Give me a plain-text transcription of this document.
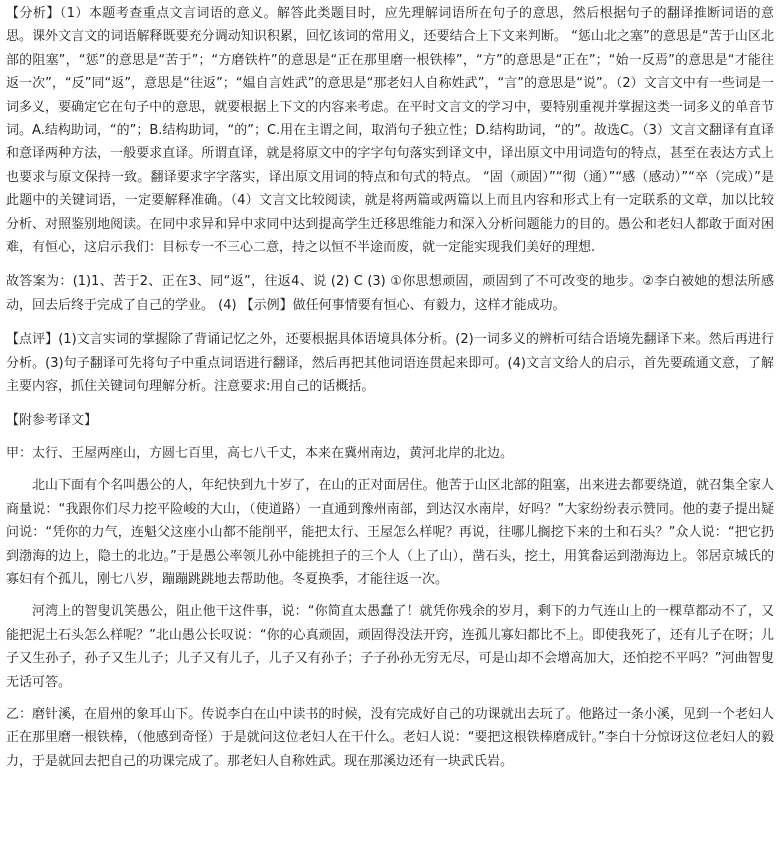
【分析】（1）本题考查重点文言词语的意义。解答此类题目时，应先理解词语所在句子的意思，然后根据句子的翻译推断词语的意思。课外文言文的词语解释既要充分调动知识积累，回忆该词的常用义，还要结合上下文来判断。 “惩山北之塞”的意思是“苦于山区北部的阻塞”，“惩”的意思是“苦于”；“方磨铁杵”的意思是“正在那里磨一根铁棒”，“方”的意思是“正在”；“始一反焉”的意思是“才能往返一次”，“反”同“返”，意思是“往返”；“媪自言姓武”的意思是“那老妇人自称姓武”，“言”的意思是“说”。（2）文言文中有一些词是一词多义，要确定它在句子中的意思，就要根据上下文的内容来考虑。在平时文言文的学习中，要特别重视并掌握这类一词多义的单音节词。A.结构助词，“的”；B.结构助词，“的”；C.用在主谓之间，取消句子独立性；D.结构助词，“的”。故选C。（3）文言文翻译有直译和意译两种方法，一般要求直译。所谓直译，就是将原文中的字字句句落实到译文中，译出原文中用词造句的特点，甚至在表达方式上也要求与原文保持一致。翻译要求字字落实，译出原文用词的特点和句式的特点。 “固（顽固）”“彻（通）”“感（感动）”“卒（完成）”是此题中的关键词语，一定要解释准确。（4）文言文比较阅读，就是将两篇或两篇以上而且内容和形式上有一定联系的文章，加以比较分析、对照鉴别地阅读。在同中求异和异中求同中达到提高学生迁移思维能力和深入分析问题能力的目的。愚公和老妇人都敢于面对困难，有恒心，这启示我们：目标专一不三心二意，持之以恒不半途而废，就一定能实现我们美好的理想.

故答案为：(1)1、苦于2、正在3、同“返”，往返4、说 (2) C (3) ①你思想顽固，顽固到了不可改变的地步。②李白被她的想法所感动，回去后终于完成了自己的学业。 (4) 【示例】做任何事情要有恒心、有毅力，这样才能成功。

【点评】(1)文言实词的掌握除了背诵记忆之外，还要根据具体语境具体分析。(2)一词多义的辨析可结合语境先翻译下来。然后再进行分析。(3)句子翻译可先将句子中重点词语进行翻译，然后再把其他词语连贯起来即可。(4)文言文给人的启示，首先要疏通文意，了解主要内容，抓住关键词句理解分析。注意要求:用自己的话概括。

【附参考译文】

甲：太行、王屋两座山，方圆七百里，高七八千丈，本来在冀州南边，黄河北岸的北边。

北山下面有个名叫愚公的人，年纪快到九十岁了，在山的正对面居住。他苦于山区北部的阻塞，出来进去都要绕道，就召集全家人商量说：“我跟你们尽力挖平险峻的大山，（使道路）一直通到豫州南部，到达汉水南岸，好吗？”大家纷纷表示赞同。他的妻子提出疑问说：“凭你的力气，连魁父这座小山都不能削平，能把太行、王屋怎么样呢？再说，往哪儿搁挖下来的土和石头？”众人说：“把它扔到渤海的边上，隐土的北边。”于是愚公率领儿孙中能挑担子的三个人（上了山），凿石头，挖土，用箕畚运到渤海边上。邻居京城氏的寡妇有个孤儿，刚七八岁，蹦蹦跳跳地去帮助他。冬夏换季，才能往返一次。

河湾上的智叟讥笑愚公，阻止他干这件事，说：“你简直太愚蠢了！就凭你残余的岁月，剩下的力气连山上的一棵草都动不了，又能把泥土石头怎么样呢？”北山愚公长叹说：“你的心真顽固，顽固得没法开窍，连孤儿寡妇都比不上。即使我死了，还有儿子在呀；儿子又生孙子，孙子又生儿子；儿子又有儿子，儿子又有孙子；子子孙孙无穷无尽，可是山却不会增高加大，还怕挖不平吗？”河曲智叟无话可答。

乙：磨针溪，在眉州的象耳山下。传说李白在山中读书的时候，没有完成好自己的功课就出去玩了。他路过一条小溪，见到一个老妇人正在那里磨一根铁棒，（他感到奇怪）于是就问这位老妇人在干什么。老妇人说：“要把这根铁棒磨成针。”李白十分惊讶这位老妇人的毅力，于是就回去把自己的功课完成了。那老妇人自称姓武。现在那溪边还有一块武氏岩。
